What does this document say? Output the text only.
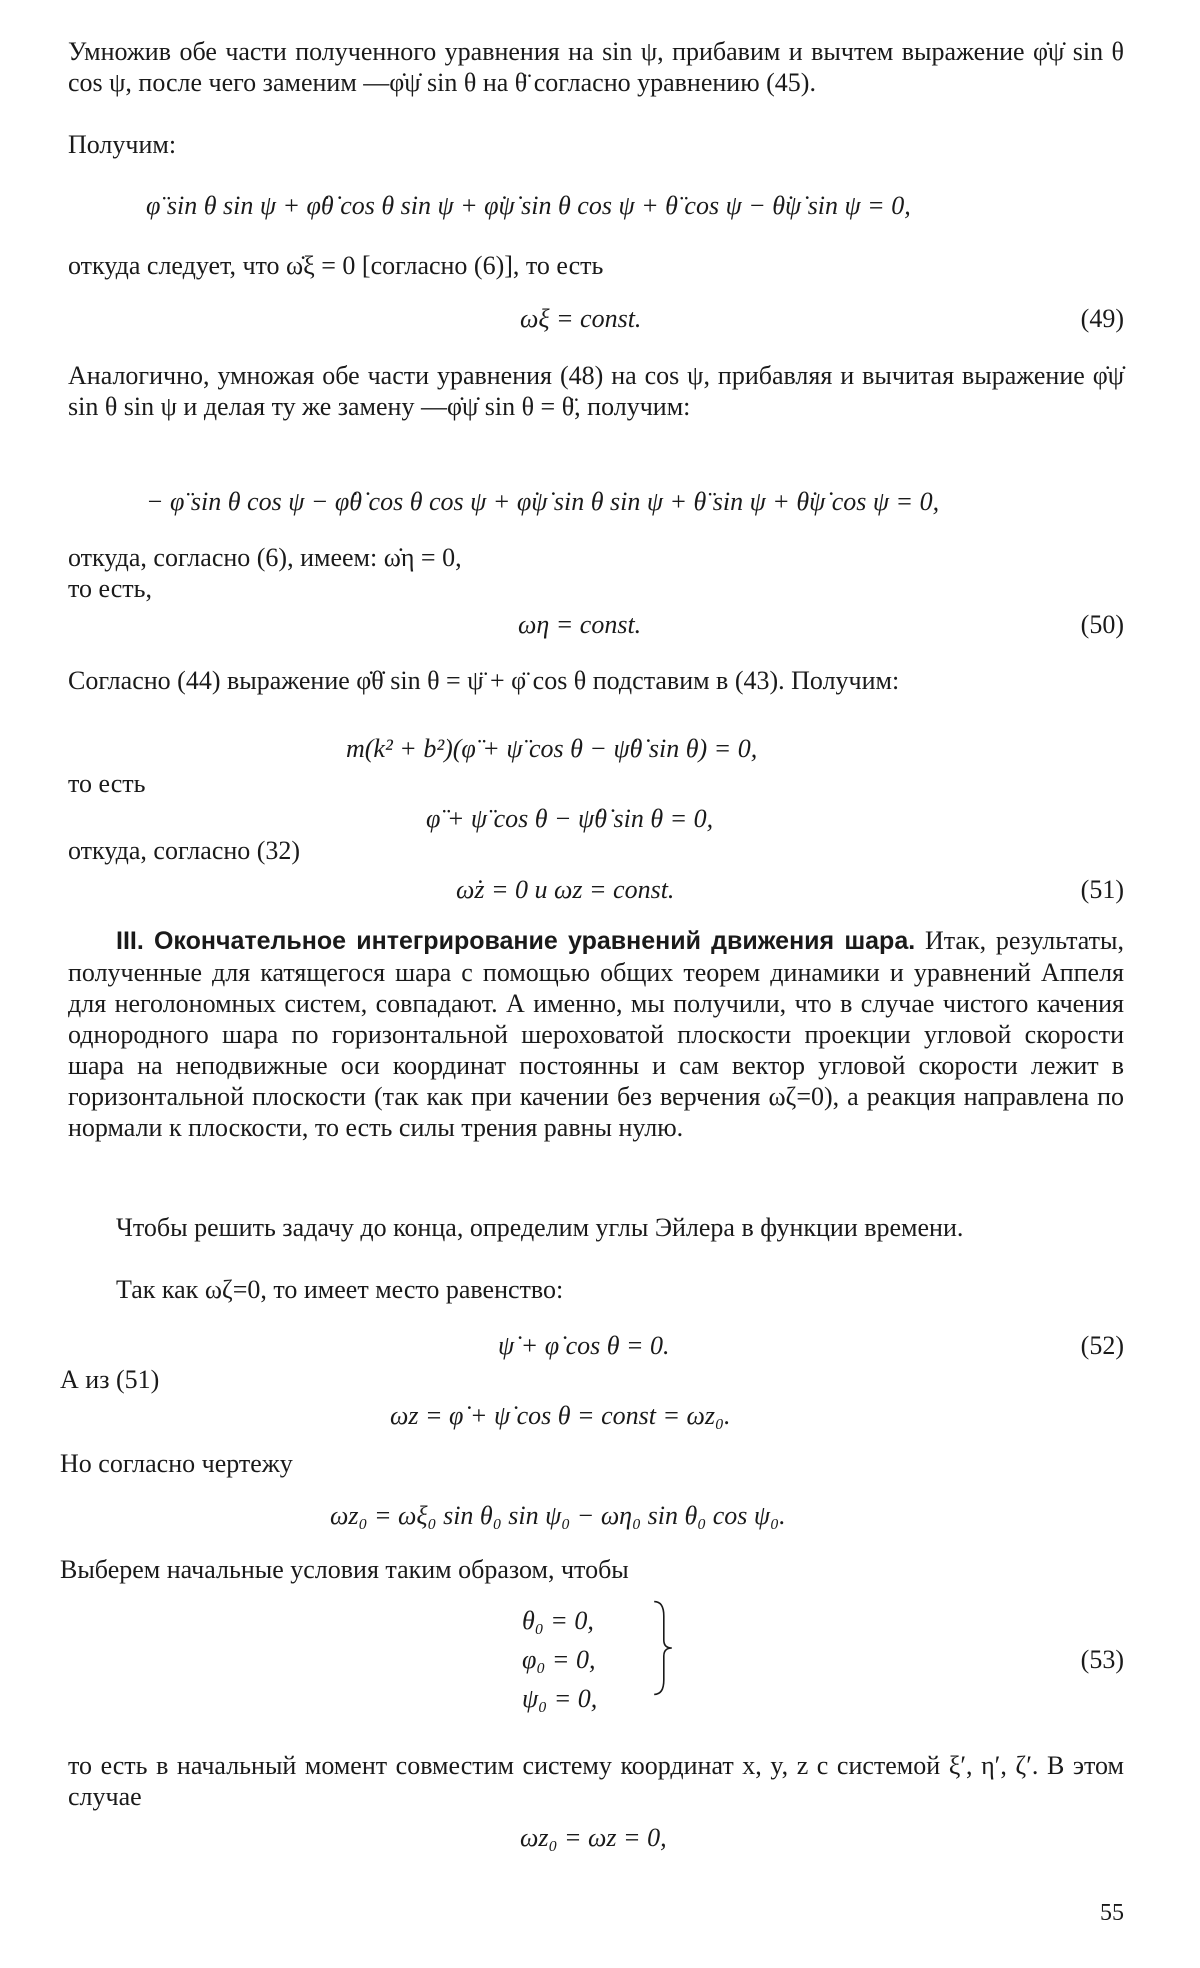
Умножив обе части полученного уравнения на sin ψ, прибавим и вычтем выражение φ̇ψ̇ sin θ cos ψ, после чего заменим —φ̇ψ̇ sin θ на θ̈ согласно уравнению (45).

Получим:

φ̈ sin θ sin ψ + φ̇θ̇ cos θ sin ψ + φ̇ψ̇ sin θ cos ψ + θ̈ cos ψ − θ̇ψ̇ sin ψ = 0,

откуда следует, что ω̇ξ = 0 [согласно (6)], то есть

ωξ = const.	(49)

Аналогично, умножая обе части уравнения (48) на cos ψ, прибавляя и вычитая выражение φ̇ψ̇ sin θ sin ψ и делая ту же замену —φ̇ψ̇ sin θ = θ̈, получим:

− φ̈ sin θ cos ψ − φ̇θ̇ cos θ cos ψ + φ̇ψ̇ sin θ sin ψ + θ̈ sin ψ + θ̇ψ̇ cos ψ = 0,

откуда, согласно (6), имеем: ω̇η = 0,

то есть,

ωη = const.	(50)

Согласно (44) выражение φ̇θ̇ sin θ = ψ̈ + φ̈ cos θ подставим в (43). Получим:

m(k² + b²)(φ̈ + ψ̈ cos θ − ψ̇θ̇ sin θ) = 0,

то есть

φ̈ + ψ̈ cos θ − ψ̇θ̇ sin θ = 0,

откуда, согласно (32)

ω̇z = 0 и ωz = const.	(51)

III. Окончательное интегрирование уравнений движения шара. Итак, результаты, полученные для катящегося шара с помощью общих теорем динамики и уравнений Аппеля для неголономных систем, совпадают. А именно, мы получили, что в случае чистого качения однородного шара по горизонтальной шероховатой плоскости проекции угловой скорости шара на неподвижные оси координат постоянны и сам вектор угловой скорости лежит в горизонтальной плоскости (так как при качении без верчения ωζ=0), а реакция направлена по нормали к плоскости, то есть силы трения равны нулю.

Чтобы решить задачу до конца, определим углы Эйлера в функции времени.

Так как ωζ=0, то имеет место равенство:

ψ̇ + φ̇ cos θ = 0.	(52)

А из (51)

ωz = φ̇ + ψ̇ cos θ = const = ωz₀.

Но согласно чертежу

ωz₀ = ωξ₀ sin θ₀ sin ψ₀ − ωη₀ sin θ₀ cos ψ₀.

Выберем начальные условия таким образом, чтобы

θ₀ = 0,

φ₀ = 0,

ψ₀ = 0,

(53)

то есть в начальный момент совместим систему координат x, y, z с системой ξ′, η′, ζ′. В этом случае

ωz₀ = ωz = 0,

55
